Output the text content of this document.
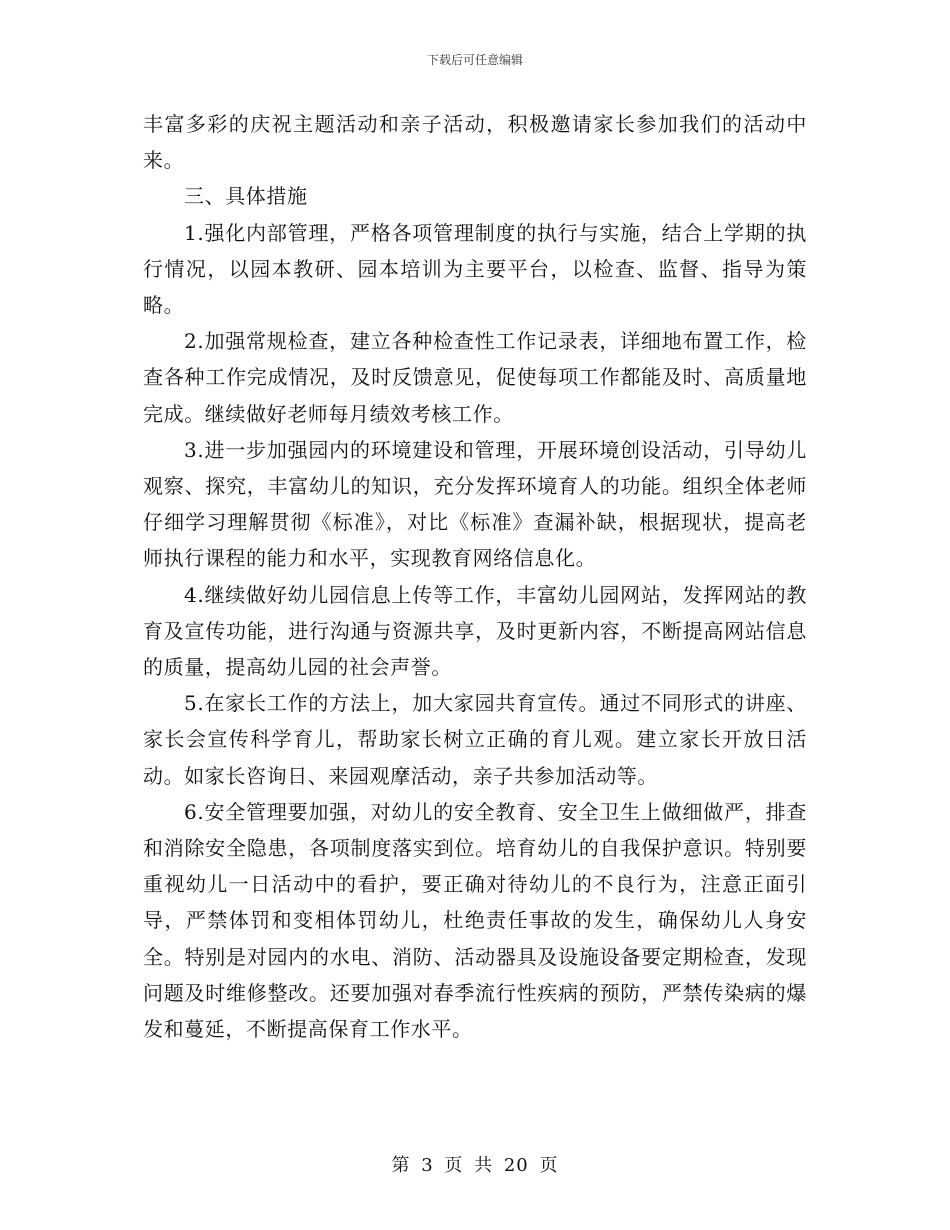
下载后可任意编辑

丰富多彩的庆祝主题活动和亲子活动，积极邀请家长参加我们的活动中来。

三、具体措施

1.强化内部管理，严格各项管理制度的执行与实施，结合上学期的执行情况，以园本教研、园本培训为主要平台，以检查、监督、指导为策略。

2.加强常规检查，建立各种检查性工作记录表，详细地布置工作，检查各种工作完成情况，及时反馈意见，促使每项工作都能及时、高质量地完成。继续做好老师每月绩效考核工作。

3.进一步加强园内的环境建设和管理，开展环境创设活动，引导幼儿观察、探究，丰富幼儿的知识，充分发挥环境育人的功能。组织全体老师仔细学习理解贯彻《标准》，对比《标准》查漏补缺，根据现状，提高老师执行课程的能力和水平，实现教育网络信息化。

4.继续做好幼儿园信息上传等工作，丰富幼儿园网站，发挥网站的教育及宣传功能，进行沟通与资源共享，及时更新内容，不断提高网站信息的质量，提高幼儿园的社会声誉。

5.在家长工作的方法上，加大家园共育宣传。通过不同形式的讲座、家长会宣传科学育儿，帮助家长树立正确的育儿观。建立家长开放日活动。如家长咨询日、来园观摩活动，亲子共参加活动等。

6.安全管理要加强，对幼儿的安全教育、安全卫生上做细做严，排查和消除安全隐患，各项制度落实到位。培育幼儿的自我保护意识。特别要重视幼儿一日活动中的看护，要正确对待幼儿的不良行为，注意正面引导，严禁体罚和变相体罚幼儿，杜绝责任事故的发生，确保幼儿人身安全。特别是对园内的水电、消防、活动器具及设施设备要定期检查，发现问题及时维修整改。还要加强对春季流行性疾病的预防，严禁传染病的爆发和蔓延，不断提高保育工作水平。

第 3 页 共 20 页
